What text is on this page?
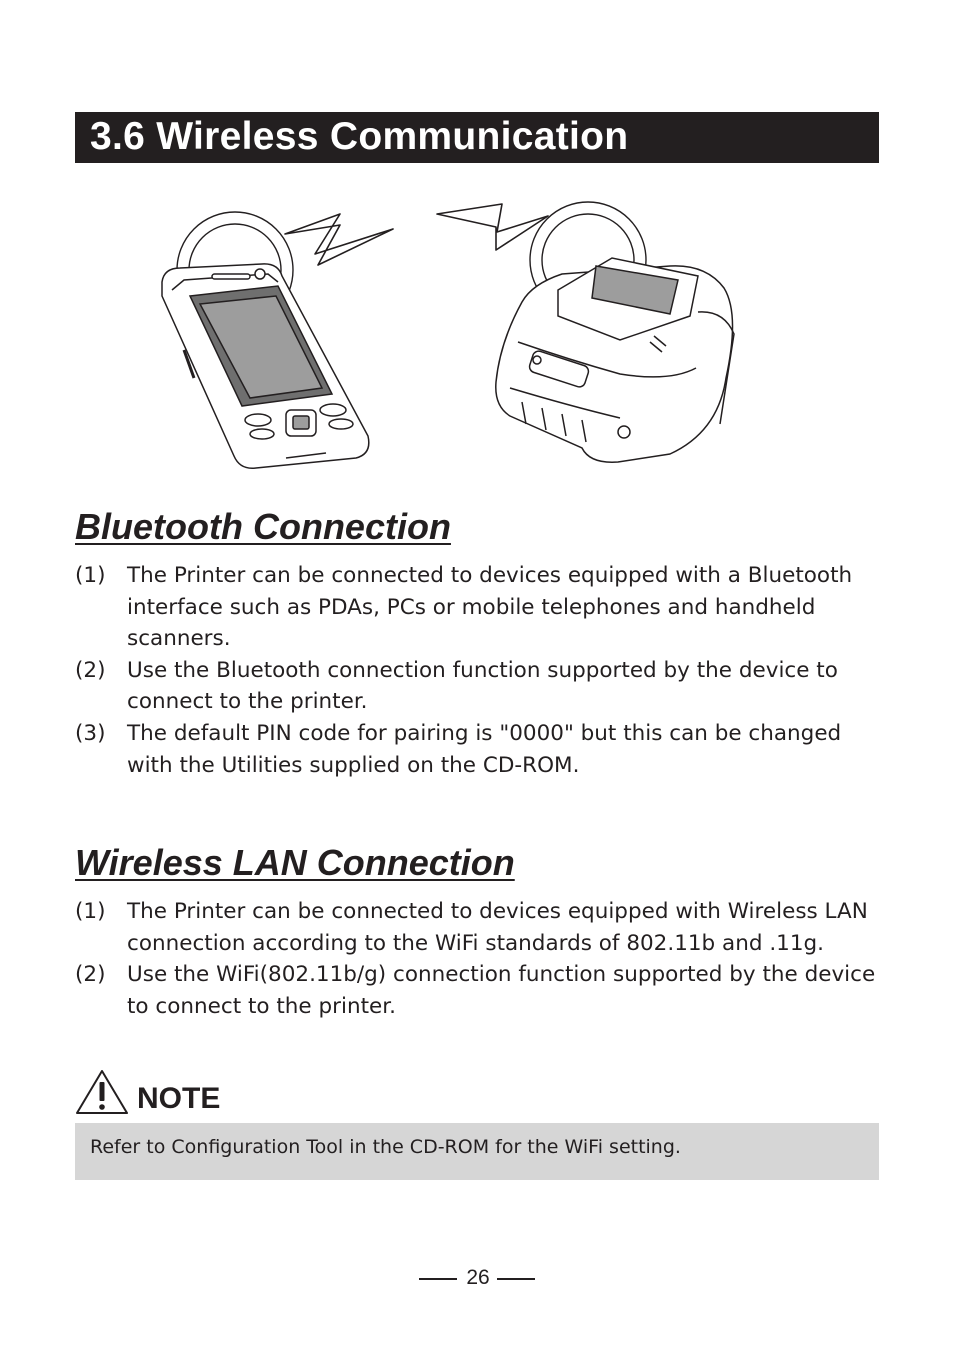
3.6 Wireless Communication
Bluetooth Connection
(1)	The Printer can be connected to devices equipped with a Bluetooth interface such as PDAs, PCs or mobile telephones and handheld scanners.
(2)	Use the Bluetooth connection function supported by the device to connect to the printer.
(3)	The default PIN code for pairing is "0000" but this can be changed with the Utilities supplied on the CD-ROM.
Wireless LAN Connection
(1)	The Printer can be connected to devices equipped with Wireless LAN connection according to the WiFi standards of 802.11b and .11g.
(2)	Use the WiFi(802.11b/g) connection function supported by the device to connect to the printer.
NOTE
Refer to Configuration Tool in the CD-ROM for the WiFi setting.
26
